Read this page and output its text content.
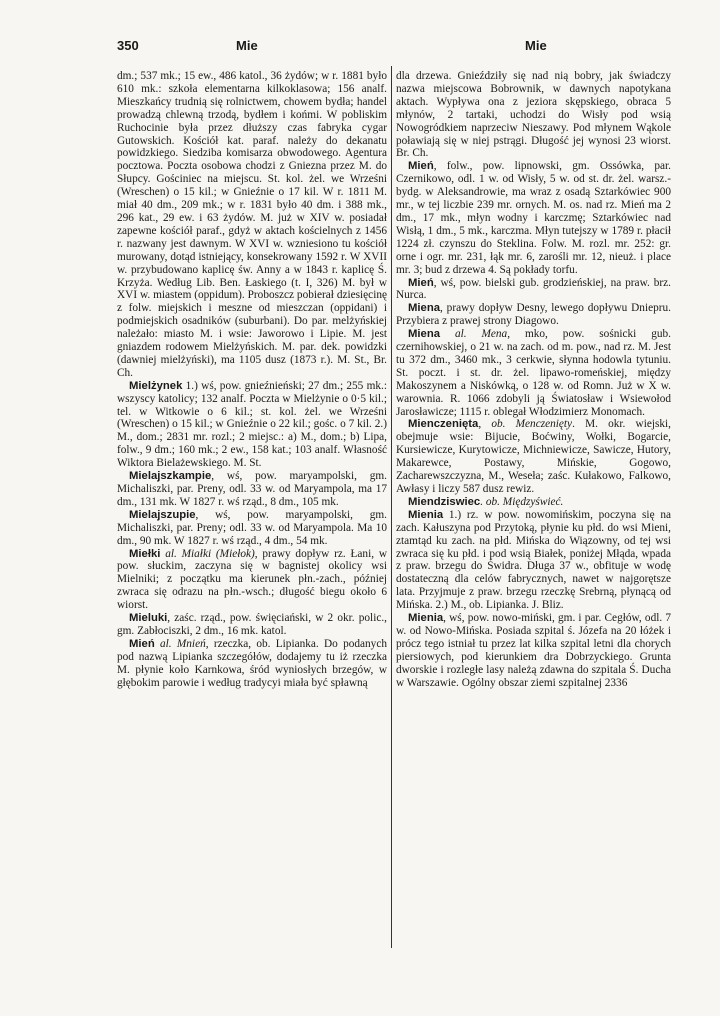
350	Mie	Mie

dm.; 537 mk.; 15 ew., 486 katol., 36 żydów; w r. 1881 było 610 mk.: szkoła elementarna kilkoklasowa; 156 analf. Mieszkańcy trudnią się rolnictwem, chowem bydła; handel prowadzą chlewną trzodą, bydłem i końmi. W pobliskim Ruchocinie była przez dłuższy czas fabryka cygar Gutowskich. Kościół kat. paraf. należy do dekanatu powidzkiego. Siedziba komisarza obwodowego. Agentura pocztowa. Poczta osobowa chodzi z Gniezna przez M. do Słupcy. Gościniec na miejscu. St. kol. żel. we Wrześni (Wreschen) o 15 kil.; w Gnieźnie o 17 kil. W r. 1811 M. miał 40 dm., 209 mk.; w r. 1831 było 40 dm. i 388 mk., 296 kat., 29 ew. i 63 żydów. M. już w XIV w. posiadał zapewne kościół paraf., gdyż w aktach kościelnych z 1456 r. nazwany jest dawnym. W XVI w. wzniesiono tu kościół murowany, dotąd istniejący, konsekrowany 1592 r. W XVII w. przybudowano kaplicę św. Anny a w 1843 r. kaplicę Ś. Krzyża. Według Lib. Ben. Łaskiego (t. I, 326) M. był w XVI w. miastem (oppidum). Proboszcz pobierał dziesięcinę z folw. miejskich i meszne od mieszczan (oppidani) i podmiejskich osadników (suburbani). Do par. melżyńskiej należało: miasto M. i wsie: Jaworowo i Lipie. M. jest gniazdem rodowem Mielżyńskich. M. par. dek. powidzki (dawniej mielżyński), ma 1105 dusz (1873 r.). M. St., Br. Ch.

Mielżynek 1.) wś, pow. gnieźnieński; 27 dm.; 255 mk.: wszyscy katolicy; 132 analf. Poczta w Mielżynie o 0·5 kil.; tel. w Witkowie o 6 kil.; st. kol. żel. we Wrześni (Wreschen) o 15 kil.; w Gnieźnie o 22 kil.; gośc. o 7 kil. 2.) M., dom.; 2831 mr. rozl.; 2 miejsc.: a) M., dom.; b) Lipa, folw., 9 dm.; 160 mk.; 2 ew., 158 kat.; 103 analf. Własność Wiktora Bielażewskiego. M. St.

Mielajszkampie, wś, pow. maryampolski, gm. Michaliszki, par. Preny, odl. 33 w. od Maryampola, ma 17 dm., 131 mk. W 1827 r. wś rząd., 8 dm., 105 mk.

Mielajszupie, wś, pow. maryampolski, gm. Michaliszki, par. Preny; odl. 33 w. od Maryampola. Ma 10 dm., 90 mk. W 1827 r. wś rząd., 4 dm., 54 mk.

Miełki al. Miałki (Miełok), prawy dopływ rz. Łani, w pow. słuckim, zaczyna się w bagnistej okolicy wsi Mielniki; z początku ma kierunek płn.-zach., później zwraca się odrazu na płn.-wsch.; długość biegu około 6 wiorst.

Mieluki, zaśc. rząd., pow. święciański, w 2 okr. polic., gm. Zabłociszki, 2 dm., 16 mk. katol.

Mień al. Mnień, rzeczka, ob. Lipianka. Do podanych pod nazwą Lipianka szczegółów, dodajemy tu iż rzeczka M. płynie koło Karnkowa, śród wyniosłych brzegów, w głębokim parowie i według tradycyi miała być spławną

dla drzewa. Gnieździły się nad nią bobry, jak świadczy nazwa miejscowa Bobrownik, w dawnych napotykana aktach. Wypływa ona z jeziora skępskiego, obraca 5 młynów, 2 tartaki, uchodzi do Wisły pod wsią Nowogródkiem naprzeciw Nieszawy. Pod młynem Wąkole poławiają się w niej pstrągi. Długość jej wynosi 23 wiorst. Br. Ch.

Mień, folw., pow. lipnowski, gm. Ossówka, par. Czernikowo, odl. 1 w. od Wisły, 5 w. od st. dr. żel. warsz.-bydg. w Aleksandrowie, ma wraz z osadą Sztarkówiec 900 mr., w tej liczbie 239 mr. ornych. M. os. nad rz. Mień ma 2 dm., 17 mk., młyn wodny i karczmę; Sztarkówiec nad Wisłą, 1 dm., 5 mk., karczma. Młyn tutejszy w 1789 r. płacił 1224 zł. czynszu do Steklina. Folw. M. rozl. mr. 252: gr. orne i ogr. mr. 231, łąk mr. 6, zarośli mr. 12, nieuż. i place mr. 3; bud z drzewa 4. Są pokłady torfu.

Mień, wś, pow. bielski gub. grodzieńskiej, na praw. brz. Nurca.

Miena, prawy dopływ Desny, lewego dopływu Dniepru. Przybiera z prawej strony Diagowo.

Miena al. Mena, mko, pow. sośnicki gub. czernihowskiej, o 21 w. na zach. od m. pow., nad rz. M. Jest tu 372 dm., 3460 mk., 3 cerkwie, słynna hodowla tytuniu. St. poczt. i st. dr. żel. lipawo-romeńskiej, między Makoszynem a Niskówką, o 128 w. od Romn. Już w X w. warownia. R. 1066 zdobyli ją Światosław i Wsiewołod Jarosławicze; 1115 r. oblegał Włodzimierz Monomach.

Mienczenięta, ob. Menczenięty. M. okr. wiejski, obejmuje wsie: Bijucie, Boćwiny, Wołki, Bogarcie, Kursiewicze, Kurytowicze, Michniewicze, Sawicze, Hutory, Makarewce, Postawy, Mińskie, Gogowo, Zacharewszczyzna, M., Weseła; zaśc. Kułakowo, Falkowo, Awłasy i liczy 587 dusz rewiz.

Miendziswiec. ob. Międzyświeć.

Mienia 1.) rz. w pow. nowomińskim, poczyna się na zach. Kałuszyna pod Przytoką, płynie ku płd. do wsi Mieni, ztamtąd ku zach. na płd. Mińska do Wiązowny, od tej wsi zwraca się ku płd. i pod wsią Białek, poniżej Młąda, wpada z praw. brzegu do Świdra. Długa 37 w., obfituje w wodę dostateczną dla celów fabrycznych, nawet w najgorętsze lata. Przyjmuje z praw. brzegu rzeczkę Srebrną, płynącą od Mińska. 2.) M., ob. Lipianka. J. Bliz.

Mienia, wś, pow. nowo-miński, gm. i par. Cegłów, odl. 7 w. od Nowo-Mińska. Posiada szpital ś. Józefa na 20 łóżek i prócz tego istniał tu przez lat kilka szpital letni dla chorych piersiowych, pod kierunkiem dra Dobrzyckiego. Grunta dworskie i rozległe lasy należą zdawna do szpitala Ś. Ducha w Warszawie. Ogólny obszar ziemi szpitalnej 2336
